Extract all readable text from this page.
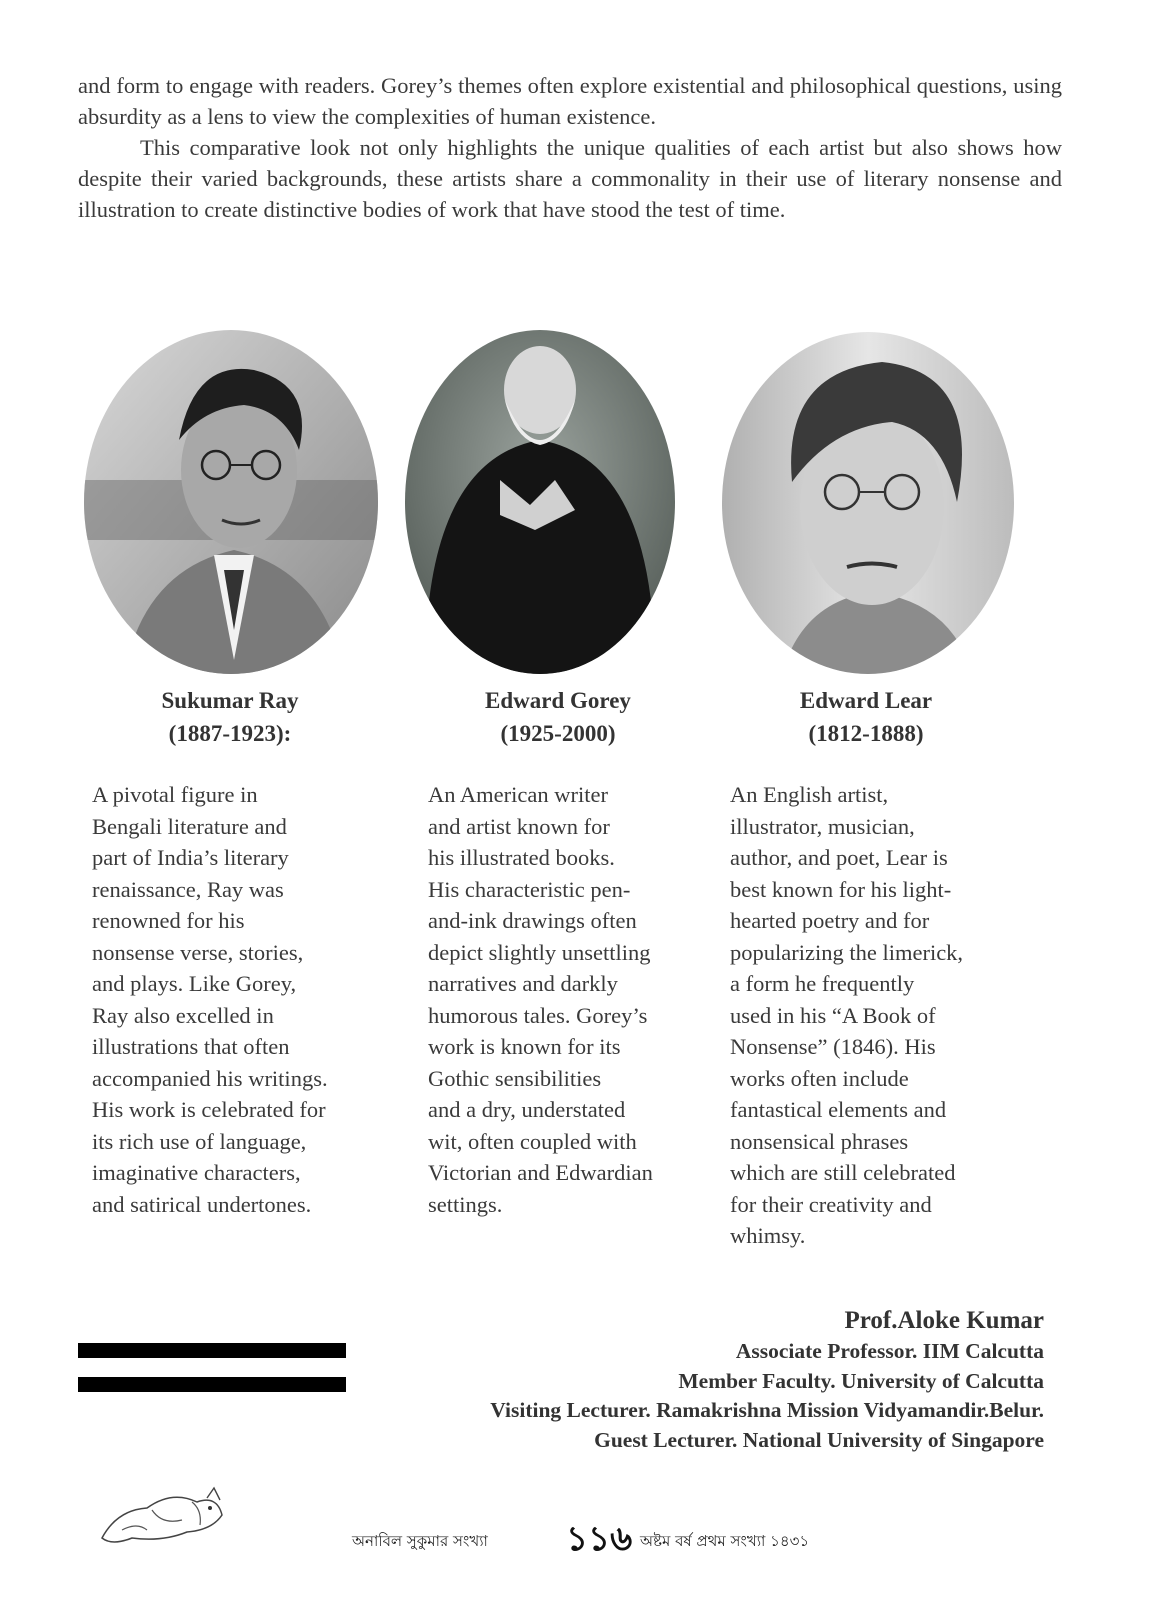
and form to engage with readers. Gorey’s themes often explore existential and philosophical questions, using absurdity as a lens to view the complexities of human existence.

This comparative look not only highlights the unique qualities of each artist but also shows how despite their varied backgrounds, these artists share a commonality in their use of literary nonsense and illustration to create distinctive bodies of work that have stood the test of time.

Sukumar Ray
(1887-1923):
Edward Gorey
(1925-2000)
Edward Lear
(1812-1888)
A pivotal figure in
Bengali literature and
part of India’s literary
renaissance, Ray was
renowned for his
nonsense verse, stories,
and plays. Like Gorey,
Ray also excelled in
illustrations that often
accompanied his writings.
His work is celebrated for
its rich use of language,
imaginative characters,
and satirical undertones.
An American writer
and artist known for
his illustrated books.
His characteristic pen-
and-ink drawings often
depict slightly unsettling
narratives and darkly
humorous tales. Gorey’s
work is known for its
Gothic sensibilities
and a dry, understated
wit, often coupled with
Victorian and Edwardian
settings.
An English artist,
illustrator, musician,
author, and poet, Lear is
best known for his light-
hearted poetry and for
popularizing the limerick,
a form he frequently
used in his “A Book of
Nonsense” (1846). His
works often include
fantastical elements and
nonsensical phrases
which are still celebrated
for their creativity and
whimsy.
Prof.Aloke Kumar
Associate Professor. IIM Calcutta
Member Faculty. University of Calcutta
Visiting Lecturer. Ramakrishna Mission Vidyamandir.Belur.
Guest Lecturer. National University of Singapore
অনাবিল সুকুমার সংখ্যা ১১৬ অষ্টম বর্ষ প্রথম সংখ্যা ১৪৩১
